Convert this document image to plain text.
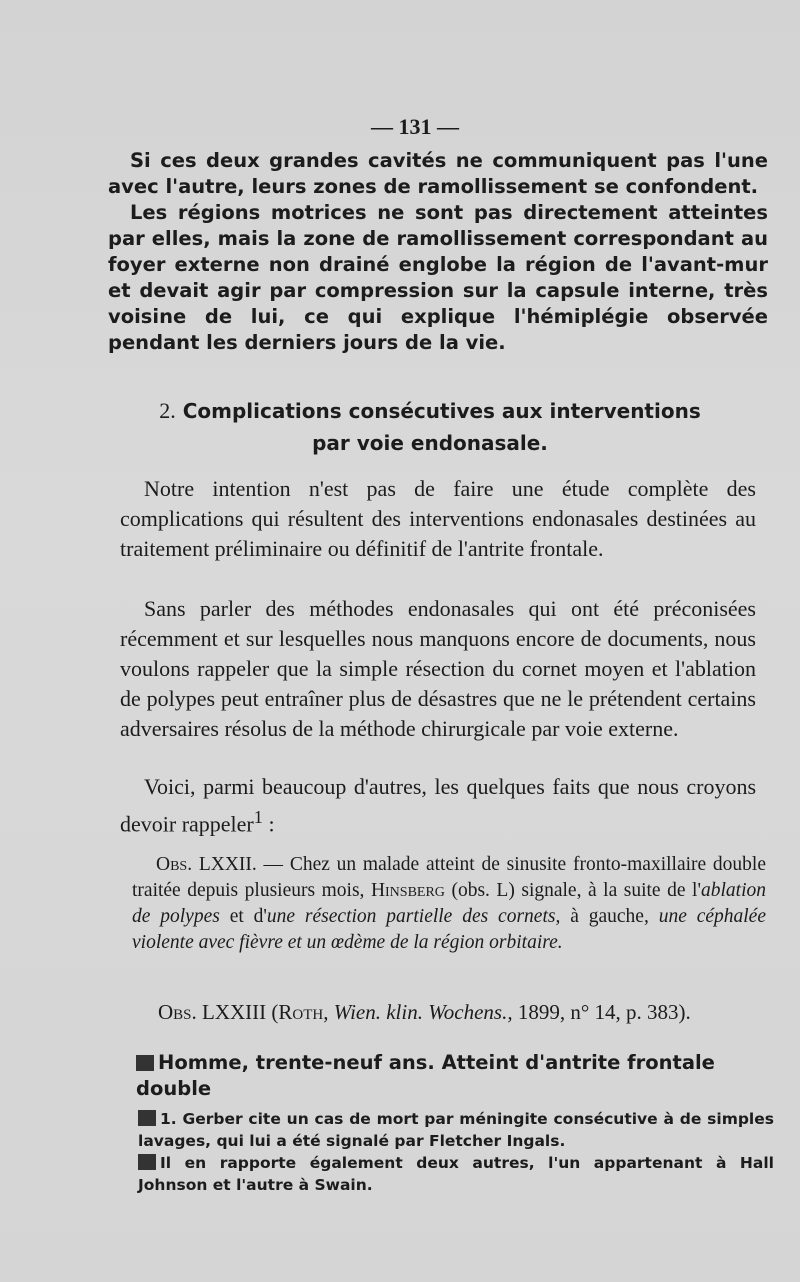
— 131 —

Si ces deux grandes cavités ne communiquent pas l'une avec l'autre, leurs zones de ramollissement se confondent.

Les régions motrices ne sont pas directement atteintes par elles, mais la zone de ramollissement correspondant au foyer externe non drainé englobe la région de l'avant-mur et devait agir par compression sur la capsule interne, très voisine de lui, ce qui explique l'hémiplégie observée pendant les derniers jours de la vie.

2. Complications consécutives aux interventions
par voie endonasale.

Notre intention n'est pas de faire une étude complète des complications qui résultent des interventions endonasales destinées au traitement préliminaire ou définitif de l'antrite frontale.

Sans parler des méthodes endonasales qui ont été préconisées récemment et sur lesquelles nous manquons encore de documents, nous voulons rappeler que la simple résection du cornet moyen et l'ablation de polypes peut entraîner plus de désastres que ne le prétendent certains adversaires résolus de la méthode chirurgicale par voie externe.

Voici, parmi beaucoup d'autres, les quelques faits que nous croyons devoir rappeler$^1$ :

Obs. LXXII. — Chez un malade atteint de sinusite fronto-maxillaire double traitée depuis plusieurs mois, Hinsberg (obs. L) signale, à la suite de l'ablation de polypes et d'une résection partielle des cornets, à gauche, une céphalée violente avec fièvre et un œdème de la région orbitaire.

Obs. LXXIII (Roth, Wien. klin. Wochens., 1899, n° 14, p. 383).

Homme, trente-neuf ans. Atteint d'antrite frontale double

1. Gerber cite un cas de mort par méningite consécutive à de simples lavages, qui lui a été signalé par Fletcher Ingals.

Il en rapporte également deux autres, l'un appartenant à Hall Johnson et l'autre à Swain.
